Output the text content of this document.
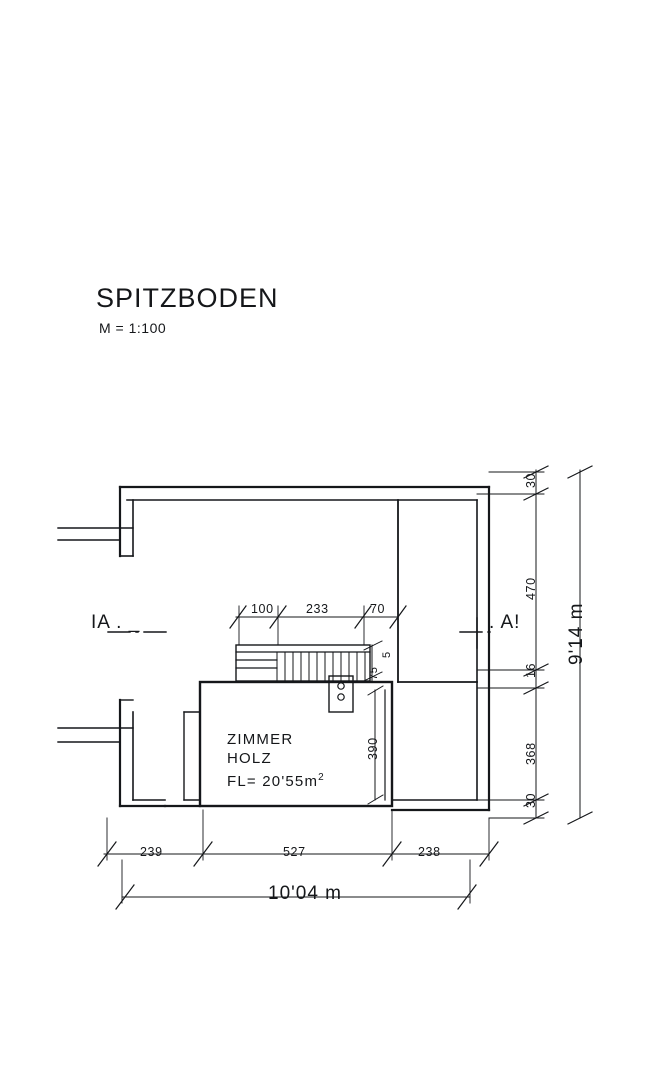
SPITZBODEN
M = 1:100
IA . _	. A!
ZIMMER
HOLZ
$FL= 20'55m^2$
30
470
16
368
30
9'14 m
100	233	70
75
5
390
239	527	238
10'04 m
